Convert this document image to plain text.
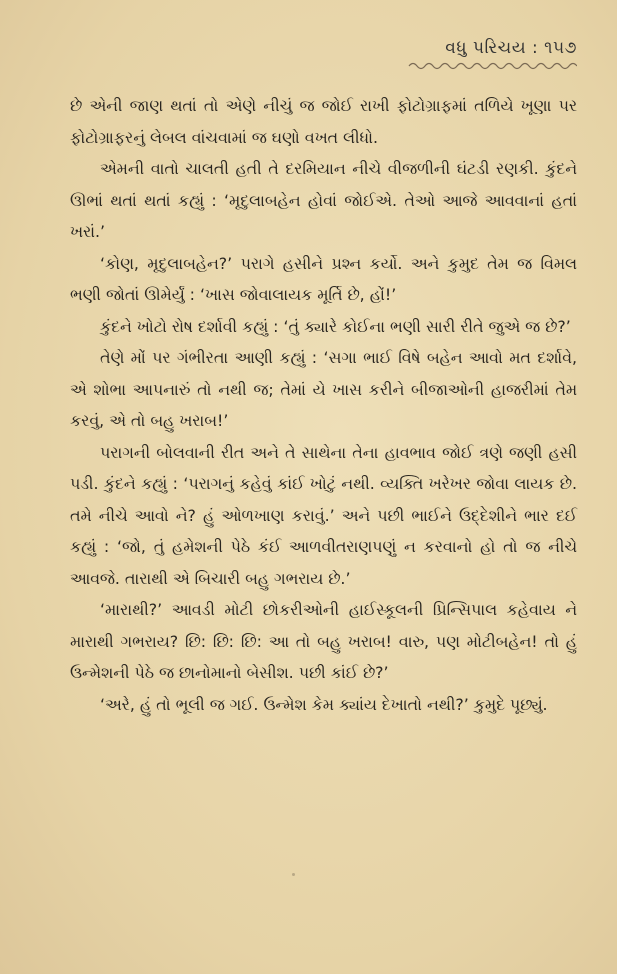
વધુ પરિચય : ૧૫૭

છે એની જાણ થતાં તો એણે નીચું જ જોઈ રાખી ફોટોગ્રાફમાં તળિયે ખૂણા પર ફોટોગ્રાફરનું લેબલ વાંચવામાં જ ઘણો વખત લીધો.

એમની વાતો ચાલતી હતી તે દરમિયાન નીચે વીજળીની ઘંટડી રણકી. કુંદને ઊભાં થતાં થતાં કહ્યું : ‘મૃદુલાબહેન હોવાં જોઈએ. તેઓ આજે આવવાનાં હતાં ખરાં.’

‘કોણ, મૃદુલાબહેન?’ પરાગે હસીને પ્રશ્ન કર્યો. અને કુમુદ તેમ જ વિમલ ભણી જોતાં ઊમેર્યું : ‘ખાસ જોવાલાયક મૂર્તિ છે, હોં!’

કુંદને ખોટો રોષ દર્શાવી કહ્યું : ‘તું ક્યારે કોઈના ભણી સારી રીતે જુએ જ છે?’

તેણે મોં પર ગંભીરતા આણી કહ્યું : ‘સગા ભાઈ વિષે બહેન આવો મત દર્શાવે, એ શોભા આપનારું તો નથી જ; તેમાં યે ખાસ કરીને બીજાઓની હાજરીમાં તેમ કરવું, એ તો બહુ ખરાબ!’

પરાગની બોલવાની રીત અને તે સાથેના તેના હાવભાવ જોઈ ત્રણે જણી હસી પડી. કુંદને કહ્યું : ‘પરાગનું કહેવું કાંઈ ખોટું નથી. વ્યક્તિ ખરેખર જોવા લાયક છે. તમે નીચે આવો ને? હું ઓળખાણ કરાવું.’ અને પછી ભાઈને ઉદ્દેશીને ભાર દઈ કહ્યું : ‘જો, તું હમેશની પેઠે કંઈ આળવીતરાણપણું ન કરવાનો હો તો જ નીચે આવજે. તારાથી એ બિચારી બહુ ગભરાય છે.’

‘મારાથી?’ આવડી મોટી છોકરીઓની હાઈસ્કૂલની પ્રિન્સિપાલ કહેવાય ને મારાથી ગભરાય? છિ: છિ: છિ: આ તો બહુ ખરાબ! વારુ, પણ મોટીબહેન! તો હું ઉન્મેશની પેઠે જ છાનોમાનો બેસીશ. પછી કાંઈ છે?’

‘અરે, હું તો ભૂલી જ ગઈ. ઉન્મેશ કેમ ક્યાંય દેખાતો નથી?’ કુમુદે પૂછ્યું.
